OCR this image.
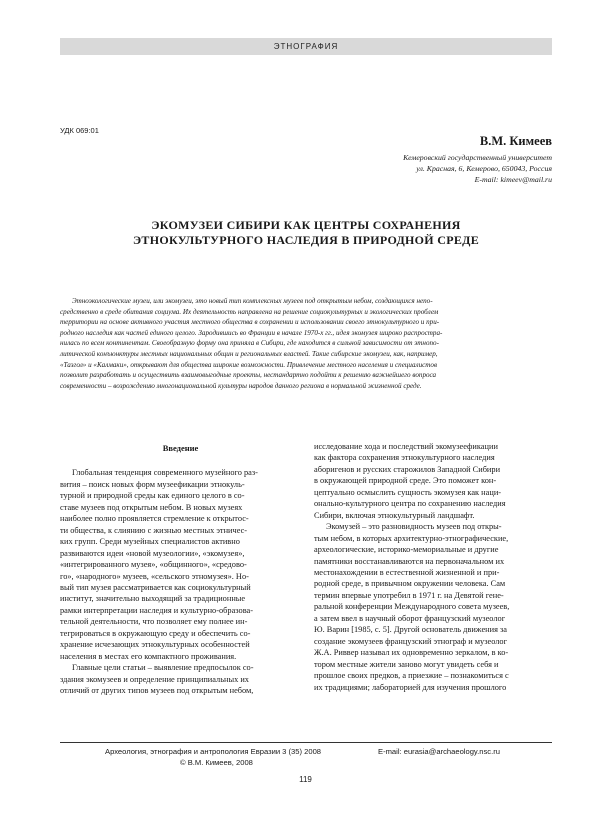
ЭТНОГРАФИЯ
УДК 069:01
В.М. Кимеев
Кемеровский государственный университет
ул. Красная, 6, Кемерово, 650043, Россия
E-mail: kimeev@mail.ru
ЭКОМУЗЕИ СИБИРИ КАК ЦЕНТРЫ СОХРАНЕНИЯ
ЭТНОКУЛЬТУРНОГО НАСЛЕДИЯ В ПРИРОДНОЙ СРЕДЕ
Этноэкологические музеи, или экомузеи, это новый тип комплексных музеев под открытым небом, создающихся непо-
средственно в среде обитания социума. Их деятельность направлена на решение социокультурных и экологических проблем
территории на основе активного участия местного общества в сохранении и использовании своего этнокультурного и при-
родного наследия как частей единого целого. Зародившись во Франции в начале 1970-х гг., идея экомузея широко распростра-
нилась по всем континентам. Своеобразную форму она приняла в Сибири, где находится в сильной зависимости от этнопо-
литической конъюнктуры местных национальных общин и региональных властей. Такие сибирские экомузеи, как, например,
«Тазгол» и «Калмаки», открывают для общества широкие возможности. Привлечение местного населения и специалистов
позволит разработать и осуществить взаимовыгодные проекты, нестандартно подойти к решению важнейшего вопроса
современности – возрождению многонациональной культуры народов данного региона в нормальной жизненной среде.
Введение
Глобальная тенденция современного музейного раз-
вития – поиск новых форм музеефикации этнокуль-
турной и природной среды как единого целого в со-
ставе музеев под открытым небом. В новых музеях
наиболее полно проявляется стремление к открытос-
ти общества, к слиянию с жизнью местных этничес-
ких групп. Среди музейных специалистов активно
развиваются идеи «новой музеологии», «экомузея»,
«интегрированного музея», «общинного», «средово-
го», «народного» музеев, «сельского этномузея». Но-
вый тип музея рассматривается как социокультурный
институт, значительно выходящий за традиционные
рамки интерпретации наследия и культурно-образова-
тельной деятельности, что позволяет ему полнее ин-
тегрироваться в окружающую среду и обеспечить со-
хранение исчезающих этнокультурных особенностей
населения в местах его компактного проживания.
Главные цели статьи – выявление предпосылок со-
здания экомузеев и определение принципиальных их
отличий от других типов музеев под открытым небом,
исследование хода и последствий экомузеефикации
как фактора сохранения этнокультурного наследия
аборигенов и русских старожилов Западной Сибири
в окружающей природной среде. Это поможет кон-
цептуально осмыслить сущность экомузея как наци-
онально-культурного центра по сохранению наследия
Сибири, включая этнокультурный ландшафт.
Экомузей – это разновидность музеев под откры-
тым небом, в которых архитектурно-этнографические,
археологические, историко-мемориальные и другие
памятники восстанавливаются на первоначальном их
местонахождении в естественной жизненной и при-
родной среде, в привычном окружении человека. Сам
термин впервые употребил в 1971 г. на Девятой гене-
ральной конференции Международного совета музеев,
а затем ввел в научный оборот французский музеолог
Ю. Варин [1985, с. 5]. Другой основатель движения за
создание экомузеев французский этнограф и музеолог
Ж.А. Риввер называл их одновременно зеркалом, в ко-
тором местные жители заново могут увидеть себя и
прошлое своих предков, а приезжие – познакомиться с
их традициями; лабораторией для изучения прошлого
Археология, этнография и антропология Евразии 3 (35) 2008	E-mail: eurasia@archaeology.nsc.ru
© В.М. Кимеев, 2008
119
